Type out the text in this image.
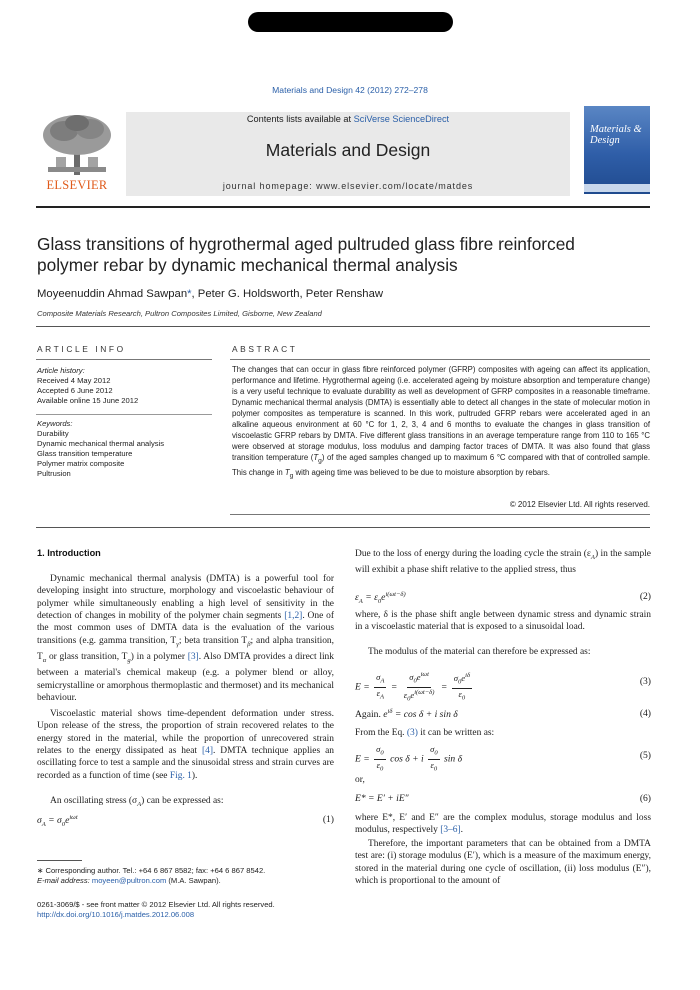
Materials and Design 42 (2012) 272–278
ELSEVIER
Contents lists available at SciVerse ScienceDirect
Materials and Design
journal homepage: www.elsevier.com/locate/matdes
Materials & Design
Glass transitions of hygrothermal aged pultruded glass fibre reinforced polymer rebar by dynamic mechanical thermal analysis
Moyeenuddin Ahmad Sawpan*, Peter G. Holdsworth, Peter Renshaw
Composite Materials Research, Pultron Composites Limited, Gisborne, New Zealand
ARTICLE INFO	ABSTRACT
Article history:
Received 4 May 2012
Accepted 6 June 2012
Available online 15 June 2012
Keywords:
Durability
Dynamic mechanical thermal analysis
Glass transition temperature
Polymer matrix composite
Pultrusion
The changes that can occur in glass fibre reinforced polymer (GFRP) composites with ageing can affect its application, performance and lifetime. Hygrothermal ageing (i.e. accelerated ageing by moisture absorption and temperature change) is a very useful technique to evaluate durability as well as development of GFRP composites in a reasonable timeframe. Dynamic mechanical thermal analysis (DMTA) is essentially able to detect all changes in the state of molecular motion in polymer composites as temperature is scanned. In this work, pultruded GFRP rebars were accelerated aged in an alkaline aqueous environment at 60 °C for 1, 2, 3, 4 and 6 months to evaluate the changes in glass transition of viscoelastic GFRP rebars by DMTA. Five different glass transitions in an average temperature range from 110 to 165 °C were observed at storage modulus, loss modulus and damping factor traces of DMTA. It was also found that glass transition temperature $(T_g)$ of the aged samples changed up to maximum 6 °C compared with that of controlled sample. This change in $T_g$ with ageing time was believed to be due to moisture absorption by rebars.
© 2012 Elsevier Ltd. All rights reserved.
1. Introduction
Dynamic mechanical thermal analysis (DMTA) is a powerful tool for developing insight into structure, morphology and viscoelastic behaviour of polymer while simultaneously enabling a high level of sensitivity in the detection of changes in mobility of the polymer chain segments [1,2]. One of the most common uses of DMTA data is the evaluation of the various transitions (e.g. gamma transition, $T_\gamma$; beta transition $T_\beta$; and alpha transition, $T_\alpha$ or glass transition, $T_g$) in a polymer [3]. Also DMTA provides a direct link between a material's chemical makeup (e.g. a polymer blend or alloy, semicrystalline or amorphous thermoplastic and thermoset) and its mechanical behaviour.
Viscoelastic material shows time-dependent deformation under stress. Upon release of the stress, the proportion of strain recovered relates to the energy stored in the material, while the proportion of unrecovered strain relates to the energy dissipated as heat [4]. DMTA technique applies an oscillating force to test a sample and the sinusoidal stress and strain curves are recorded as a function of time (see Fig. 1).
An oscillating stress $(\sigma_A)$ can be expressed as:
$\sigma_A = \sigma_0e^{i\omega t}$	(1)
∗ Corresponding author. Tel.: +64 6 867 8582; fax: +64 6 867 8542.
E-mail address: moyeen@pultron.com (M.A. Sawpan).
0261-3069/$ - see front matter © 2012 Elsevier Ltd. All rights reserved.
http://dx.doi.org/10.1016/j.matdes.2012.06.008
Due to the loss of energy during the loading cycle the strain $(\varepsilon_A)$ in the sample will exhibit a phase shift relative to the applied stress, thus
$\varepsilon_A = \varepsilon_0e^{i(\omega t-\delta)}$	(2)
where, δ is the phase shift angle between dynamic stress and dynamic strain in a viscoelastic material that is exposed to a sinusoidal load.
The modulus of the material can therefore be expressed as:
$E = \frac{\sigma_A}{\varepsilon_A} = \frac{\sigma_0e^{i\omega t}}{\varepsilon_0e^{i(\omega t-\delta)}} = \frac{\sigma_0e^{i\delta}}{\varepsilon_0}$	(3)
Again. $e^{i\delta} = \cos \delta + i$ sin δ	(4)
From the Eq. (3) it can be written as:
$E = \frac{\sigma_0}{\varepsilon_0}$ cos δ + i $\frac{\sigma_0}{\varepsilon_0}$ sin δ	(5)
or,
E* = E′ + iE″	(6)
where E*, E′ and E″ are the complex modulus, storage modulus and loss modulus, respectively [3–6].
Therefore, the important parameters that can be obtained from a DMTA test are: (i) storage modulus (E′), which is a measure of the maximum energy, stored in the material during one cycle of oscillation, (ii) loss modulus (E″), which is proportional to the amount of
